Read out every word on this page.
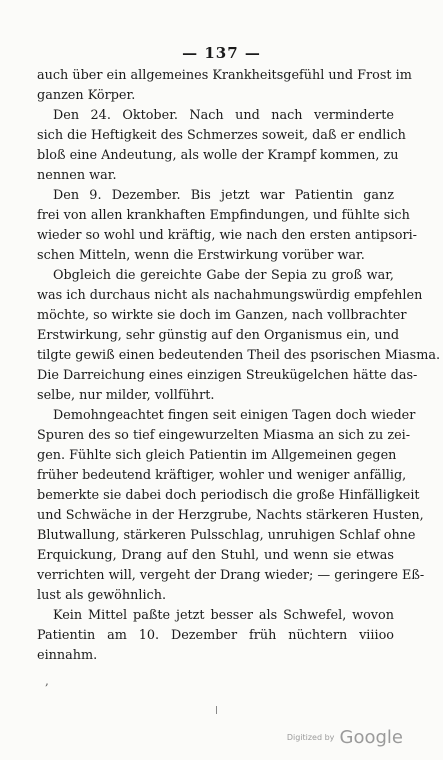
— 137 —
auch über ein allgemeines Krankheitsgefühl und Frost im
ganzen Körper.
Den 24. Oktober. Nach und nach verminderte
sich die Heftigkeit des Schmerzes soweit, daß er endlich
bloß eine Andeutung, als wolle der Krampf kommen, zu
nennen war.
Den 9. Dezember. Bis jetzt war Patientin ganz
frei von allen krankhaften Empfindungen, und fühlte sich
wieder so wohl und kräftig, wie nach den ersten antipsori-
schen Mitteln, wenn die Erstwirkung vorüber war.
Obgleich die gereichte Gabe der Sepia zu groß war,
was ich durchaus nicht als nachahmungswürdig empfehlen
möchte, so wirkte sie doch im Ganzen, nach vollbrachter
Erstwirkung, sehr günstig auf den Organismus ein, und
tilgte gewiß einen bedeutenden Theil des psorischen Miasma.
Die Darreichung eines einzigen Streukügelchen hätte das-
selbe, nur milder, vollführt.
Demohngeachtet fingen seit einigen Tagen doch wieder
Spuren des so tief eingewurzelten Miasma an sich zu zei-
gen. Fühlte sich gleich Patientin im Allgemeinen gegen
früher bedeutend kräftiger, wohler und weniger anfällig,
bemerkte sie dabei doch periodisch die große Hinfälligkeit
und Schwäche in der Herzgrube, Nachts stärkeren Husten,
Blutwallung, stärkeren Pulsschlag, unruhigen Schlaf ohne
Erquickung, Drang auf den Stuhl, und wenn sie etwas
verrichten will, vergeht der Drang wieder; — geringere Eß-
lust als gewöhnlich.
Kein Mittel paßte jetzt besser als Schwefel, wovon
Patientin am 10. Dezember früh nüchtern viiioo
einnahm.
,
Digitized by Google
